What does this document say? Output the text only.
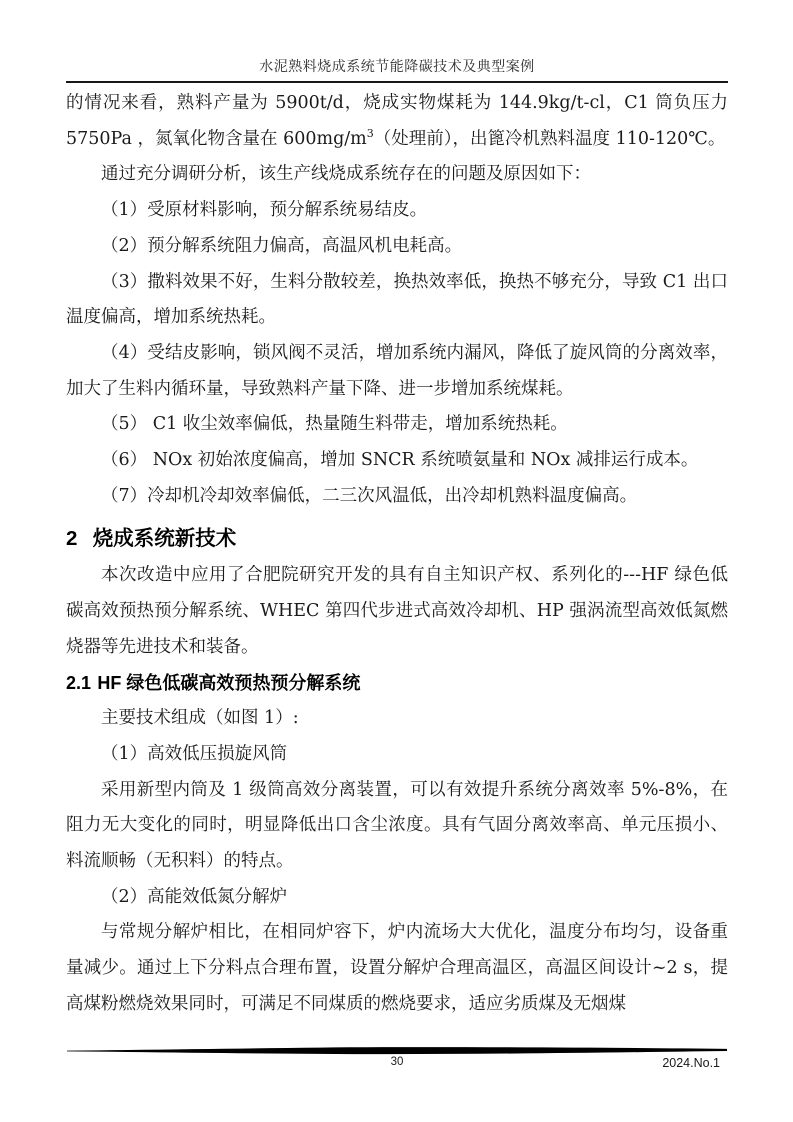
水泥熟料烧成系统节能降碳技术及典型案例

的情况来看，熟料产量为 5900t/d，烧成实物煤耗为 144.9kg/t-cl，C1 筒负压力 5750Pa ，氮氧化物含量在 $600mg/m^3$（处理前），出篦冷机熟料温度 110-120℃。

通过充分调研分析，该生产线烧成系统存在的问题及原因如下：

（1）受原材料影响，预分解系统易结皮。

（2）预分解系统阻力偏高，高温风机电耗高。

（3）撒料效果不好，生料分散较差，换热效率低，换热不够充分，导致 C1 出口温度偏高，增加系统热耗。

（4）受结皮影响，锁风阀不灵活，增加系统内漏风，降低了旋风筒的分离效率，加大了生料内循环量，导致熟料产量下降、进一步增加系统煤耗。

（5） C1 收尘效率偏低，热量随生料带走，增加系统热耗。

（6） NOx 初始浓度偏高，增加 SNCR 系统喷氨量和 NOx 减排运行成本。

（7）冷却机冷却效率偏低，二三次风温低，出冷却机熟料温度偏高。

2 烧成系统新技术

本次改造中应用了合肥院研究开发的具有自主知识产权、系列化的---HF 绿色低碳高效预热预分解系统、WHEC 第四代步进式高效冷却机、HP 强涡流型高效低氮燃烧器等先进技术和装备。

2.1 HF 绿色低碳高效预热预分解系统

主要技术组成（如图 1）:

（1）高效低压损旋风筒

采用新型内筒及 1 级筒高效分离装置，可以有效提升系统分离效率 5%-8%，在阻力无大变化的同时，明显降低出口含尘浓度。具有气固分离效率高、单元压损小、料流顺畅（无积料）的特点。

（2）高能效低氮分解炉

与常规分解炉相比，在相同炉容下，炉内流场大大优化，温度分布均匀，设备重量减少。通过上下分料点合理布置，设置分解炉合理高温区，高温区间设计~2 s，提高煤粉燃烧效果同时，可满足不同煤质的燃烧要求，适应劣质煤及无烟煤

30	2024.No.1
